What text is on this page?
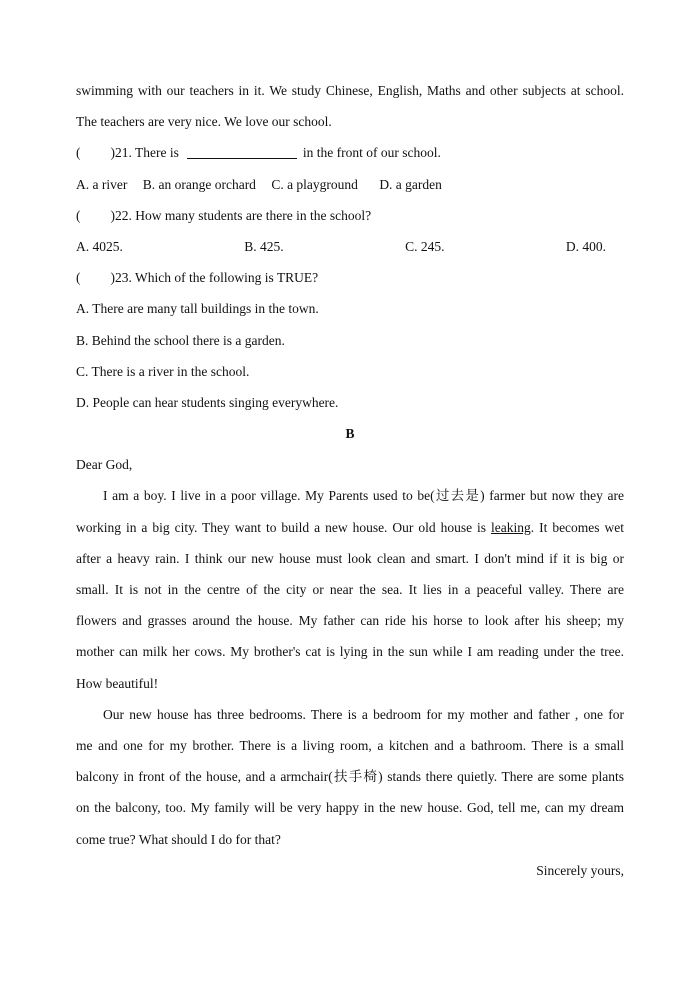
swimming with our teachers in it. We study Chinese, English, Maths and other subjects at school.
The teachers are very nice. We love our school.
( )21. There is	in the front of our school.
A. a river B. an orange orchard C. a playground D. a garden
( )22. How many students are there in the school?
A. 4025.	B. 425.	C. 245.	D. 400.
( )23. Which of the following is TRUE?
A. There are many tall buildings in the town.
B. Behind the school there is a garden.
C. There is a river in the school.
D. People can hear students singing everywhere.
B
Dear God,
I am a boy. I live in a poor village. My Parents used to be(过去是) farmer but now they are
working in a big city. They want to build a new house. Our old house is leaking. It becomes wet
after a heavy rain. I think our new house must look clean and smart. I don't mind if it is big or
small. It is not in the centre of the city or near the sea. It lies in a peaceful valley. There are
flowers and grasses around the house. My father can ride his horse to look after his sheep; my
mother can milk her cows. My brother's cat is lying in the sun while I am reading under the tree.
How beautiful!
Our new house has three bedrooms. There is a bedroom for my mother and father , one for
me and one for my brother. There is a living room, a kitchen and a bathroom. There is a small
balcony in front of the house, and a armchair(扶手椅) stands there quietly. There are some plants
on the balcony, too. My family will be very happy in the new house. God, tell me, can my dream
come true? What should I do for that?
Sincerely yours,
